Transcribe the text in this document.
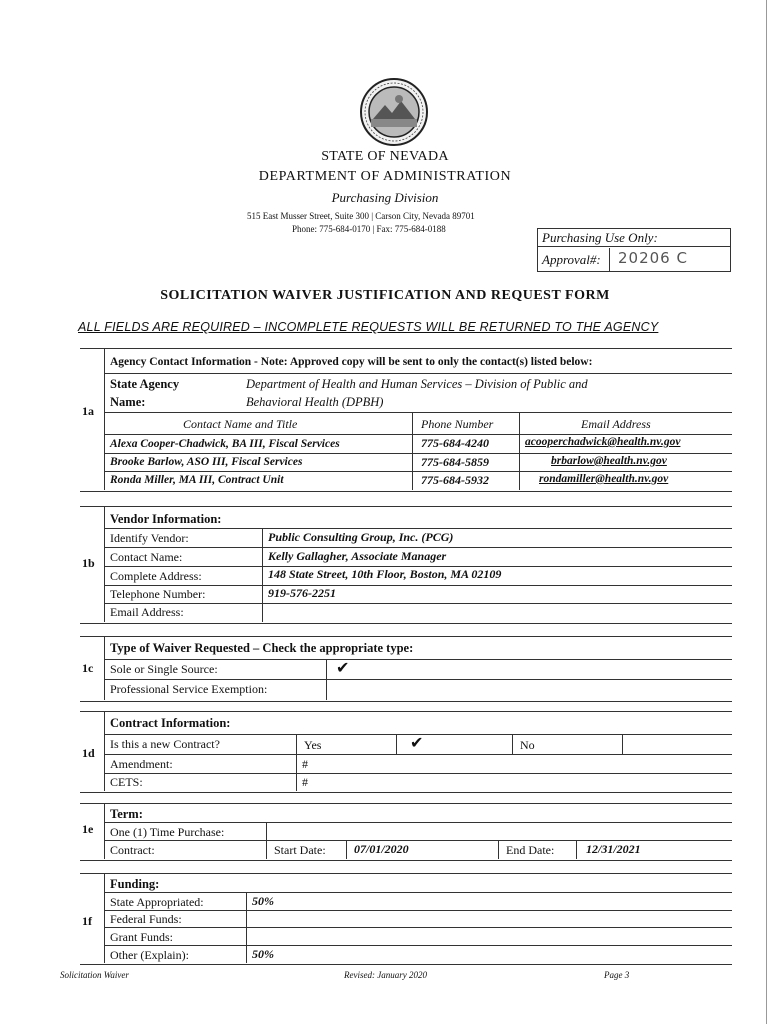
STATE OF NEVADA
DEPARTMENT OF ADMINISTRATION
Purchasing Division
515 East Musser Street, Suite 300 | Carson City, Nevada 89701
Phone: 775-684-0170 | Fax: 775-684-0188
Purchasing Use Only:
Approval#:	20206 C
SOLICITATION WAIVER JUSTIFICATION AND REQUEST FORM
ALL FIELDS ARE REQUIRED – INCOMPLETE REQUESTS WILL BE RETURNED TO THE AGENCY
1a
Agency Contact Information - Note: Approved copy will be sent to only the contact(s) listed below:
State Agency
Name:
Department of Health and Human Services – Division of Public and
Behavioral Health (DPBH)
Contact Name and Title	Phone Number	Email Address
Alexa Cooper-Chadwick, BA III, Fiscal Services	775-684-4240	acooperchadwick@health.nv.gov
Brooke Barlow, ASO III, Fiscal Services	775-684-5859	brbarlow@health.nv.gov
Ronda Miller, MA III, Contract Unit	775-684-5932	rondamiller@health.nv.gov
1b
Vendor Information:
Identify Vendor:	Public Consulting Group, Inc. (PCG)
Contact Name:	Kelly Gallagher, Associate Manager
Complete Address:	148 State Street, 10th Floor, Boston, MA 02109
Telephone Number:	919-576-2251
Email Address:
1c
Type of Waiver Requested – Check the appropriate type:
Sole or Single Source:	✔
Professional Service Exemption:
1d
Contract Information:
Is this a new Contract?	Yes	✔	No
Amendment:	#
CETS:	#
1e
Term:
One (1) Time Purchase:
Contract:	Start Date: 07/01/2020	End Date:	12/31/2021
1f
Funding:
State Appropriated:	50%
Federal Funds:
Grant Funds:
Other (Explain):	50%
Solicitation Waiver	Revised: January 2020	Page 3
